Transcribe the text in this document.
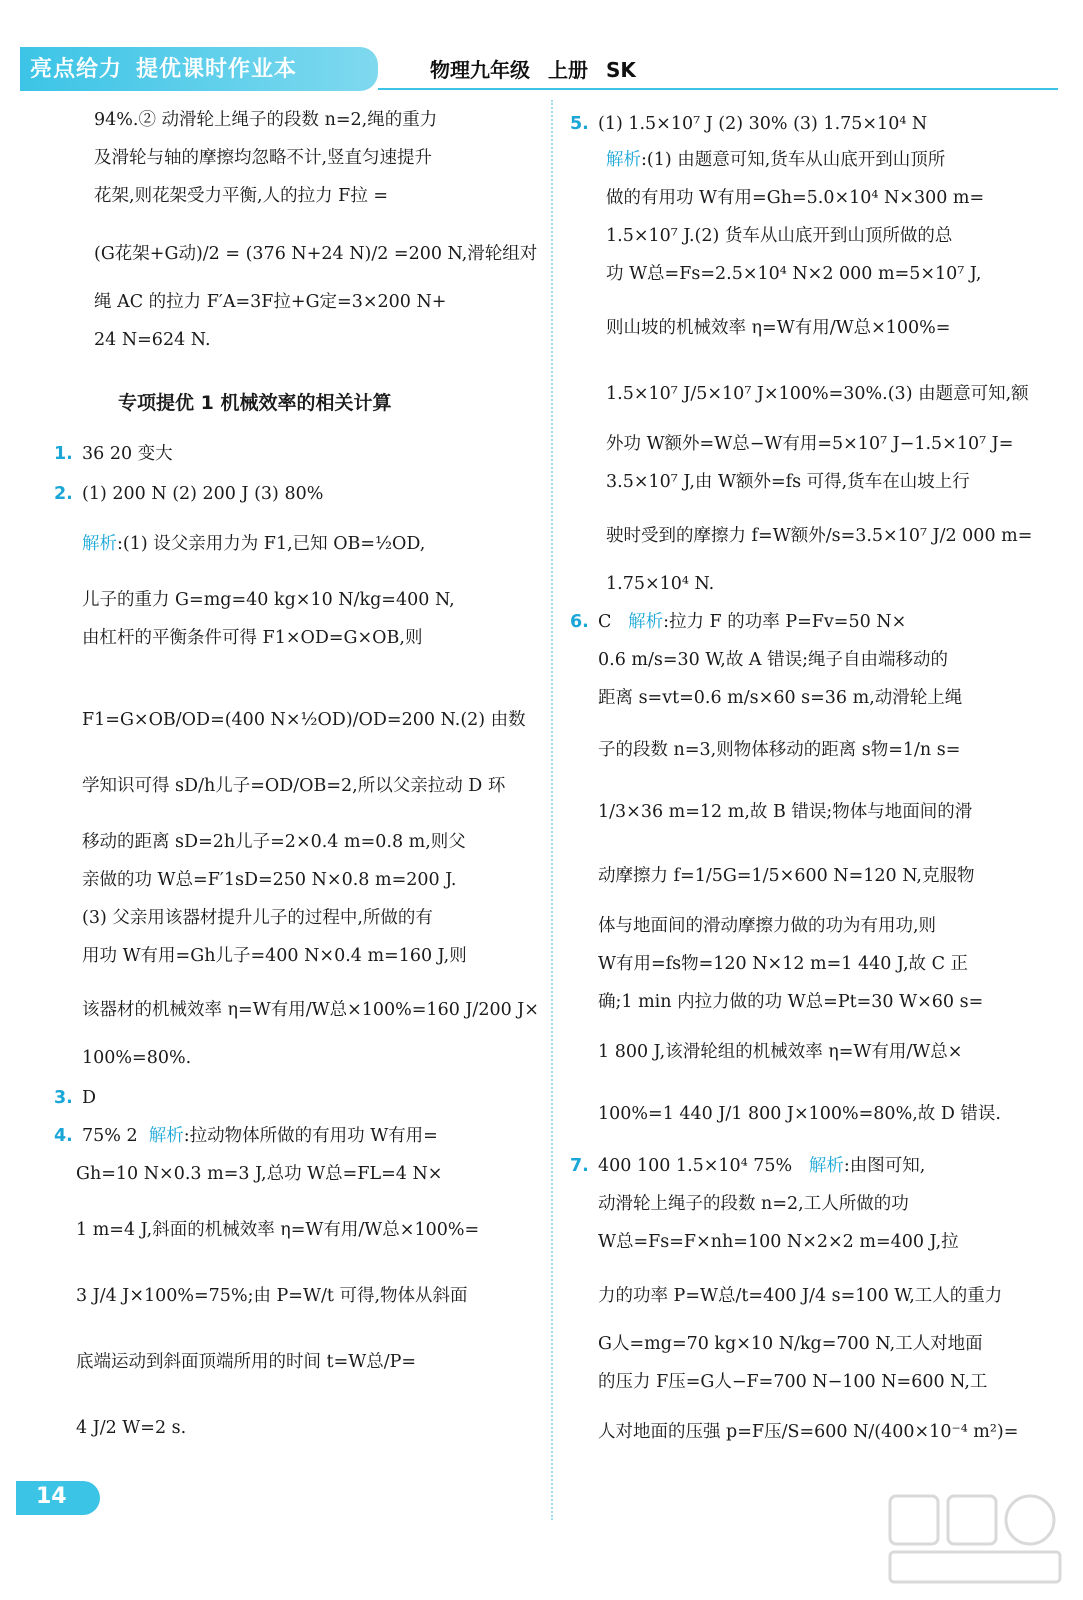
亮点给力 提优课时作业本	物理九年级 上册 SK
94%.② 动滑轮上绳子的段数 n=2,绳的重力
及滑轮与轴的摩擦均忽略不计,竖直匀速提升
花架,则花架受力平衡,人的拉力 F拉 =
(G花架+G动)/2 = (376 N+24 N)/2 =200 N,滑轮组对
绳 AC 的拉力 F′A=3F拉+G定=3×200 N+
24 N=624 N.
专项提优 1 机械效率的相关计算
1. 36 20 变大
2. (1) 200 N (2) 200 J (3) 80%
解析:(1) 设父亲用力为 F1,已知 OB=½OD,
儿子的重力 G=mg=40 kg×10 N/kg=400 N,
由杠杆的平衡条件可得 F1×OD=G×OB,则
F1=G×OB/OD=(400 N×½OD)/OD=200 N.(2) 由数
学知识可得 sD/h儿子=OD/OB=2,所以父亲拉动 D 环
移动的距离 sD=2h儿子=2×0.4 m=0.8 m,则父
亲做的功 W总=F′1sD=250 N×0.8 m=200 J.
(3) 父亲用该器材提升儿子的过程中,所做的有
用功 W有用=Gh儿子=400 N×0.4 m=160 J,则
该器材的机械效率 η=W有用/W总×100%=160 J/200 J×
100%=80%.
3. D
4. 75% 2 解析:拉动物体所做的有用功 W有用=
Gh=10 N×0.3 m=3 J,总功 W总=FL=4 N×
1 m=4 J,斜面的机械效率 η=W有用/W总×100%=
3 J/4 J×100%=75%;由 P=W/t 可得,物体从斜面
底端运动到斜面顶端所用的时间 t=W总/P=
4 J/2 W=2 s.
5. (1) 1.5×10⁷ J (2) 30% (3) 1.75×10⁴ N
解析:(1) 由题意可知,货车从山底开到山顶所
做的有用功 W有用=Gh=5.0×10⁴ N×300 m=
1.5×10⁷ J.(2) 货车从山底开到山顶所做的总
功 W总=Fs=2.5×10⁴ N×2 000 m=5×10⁷ J,
则山坡的机械效率 η=W有用/W总×100%=
1.5×10⁷ J/5×10⁷ J×100%=30%.(3) 由题意可知,额
外功 W额外=W总−W有用=5×10⁷ J−1.5×10⁷ J=
3.5×10⁷ J,由 W额外=fs 可得,货车在山坡上行
驶时受到的摩擦力 f=W额外/s=3.5×10⁷ J/2 000 m=
1.75×10⁴ N.
6. C 解析:拉力 F 的功率 P=Fv=50 N×
0.6 m/s=30 W,故 A 错误;绳子自由端移动的
距离 s=vt=0.6 m/s×60 s=36 m,动滑轮上绳
子的段数 n=3,则物体移动的距离 s物=1/n s=
1/3×36 m=12 m,故 B 错误;物体与地面间的滑
动摩擦力 f=1/5G=1/5×600 N=120 N,克服物
体与地面间的滑动摩擦力做的功为有用功,则
W有用=fs物=120 N×12 m=1 440 J,故 C 正
确;1 min 内拉力做的功 W总=Pt=30 W×60 s=
1 800 J,该滑轮组的机械效率 η=W有用/W总×
100%=1 440 J/1 800 J×100%=80%,故 D 错误.
7. 400 100 1.5×10⁴ 75% 解析:由图可知,
动滑轮上绳子的段数 n=2,工人所做的功
W总=Fs=F×nh=100 N×2×2 m=400 J,拉
力的功率 P=W总/t=400 J/4 s=100 W,工人的重力
G人=mg=70 kg×10 N/kg=700 N,工人对地面
的压力 F压=G人−F=700 N−100 N=600 N,工
人对地面的压强 p=F压/S=600 N/(400×10⁻⁴ m²)=
14
